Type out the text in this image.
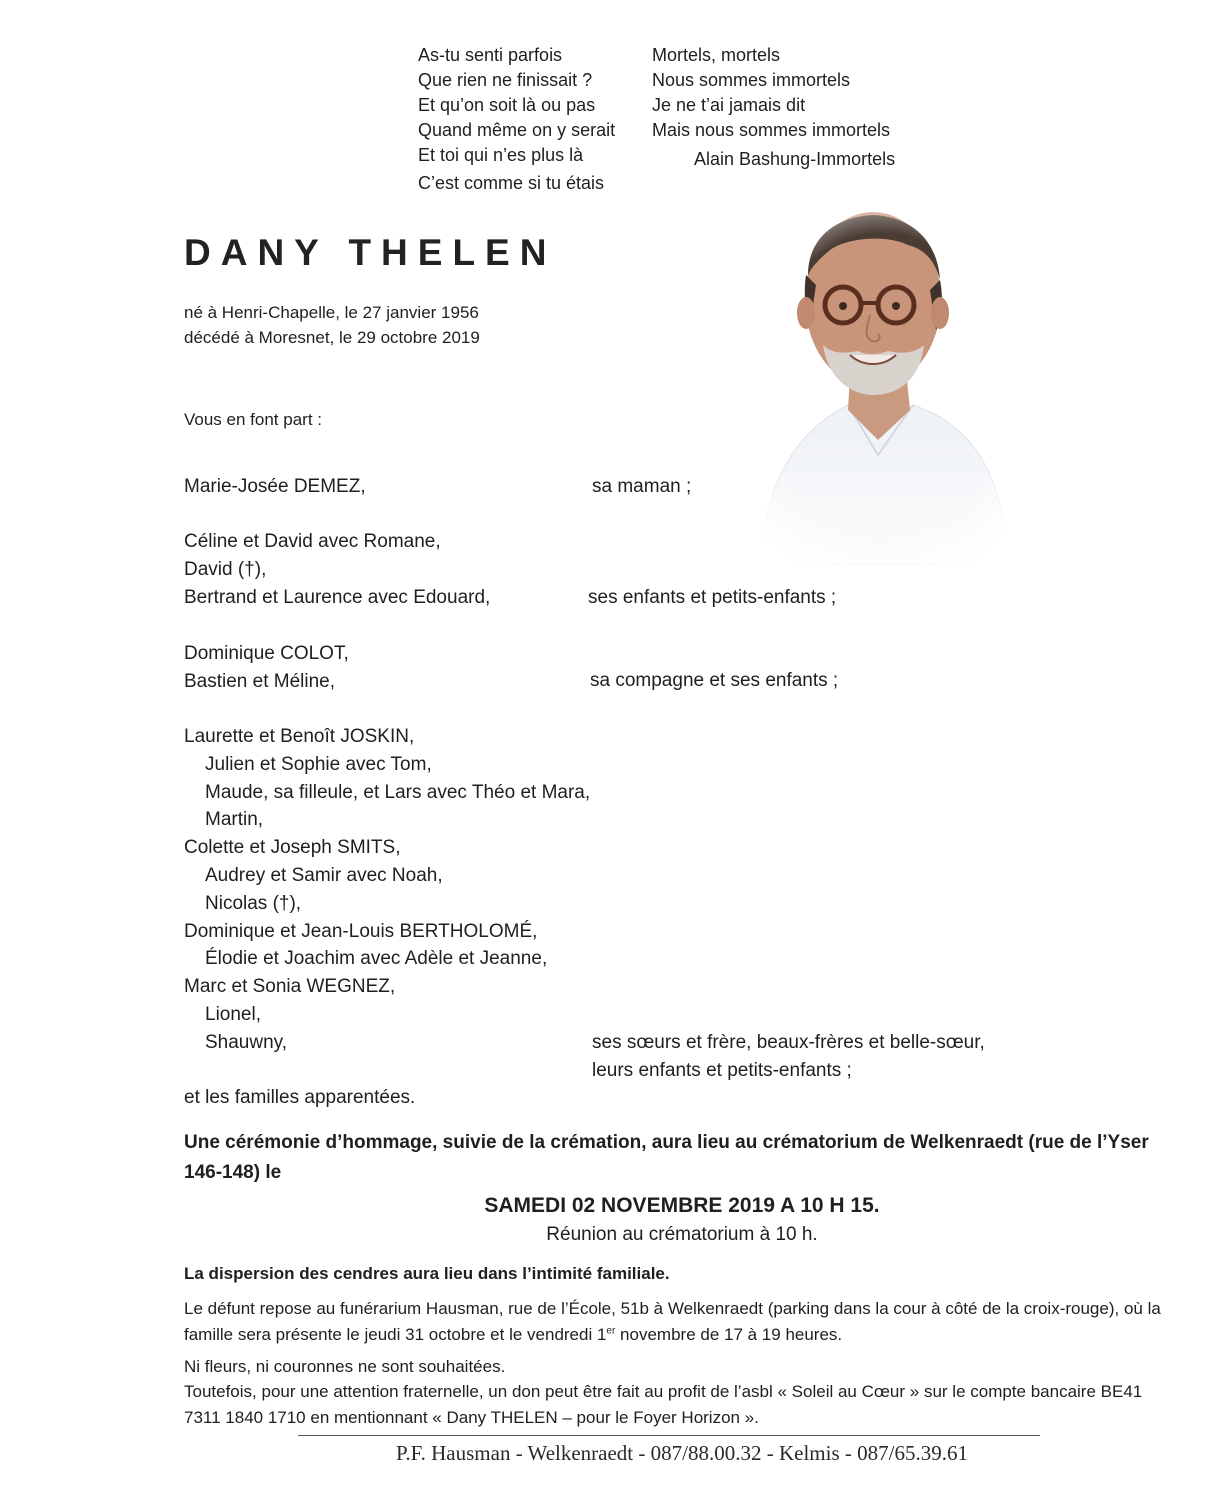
As-tu senti parfois
Que rien ne finissait ?
Et qu’on soit là ou pas
Quand même on y serait
Et toi qui n’es plus là
C’est comme si tu étais
Mortels, mortels
Nous sommes immortels
Je ne t’ai jamais dit
Mais nous sommes immortels
Alain Bashung-Immortels
DANY THELEN
né à Henri-Chapelle, le 27 janvier 1956
décédé à Moresnet, le 29 octobre 2019
Vous en font part :
Marie-Josée DEMEZ,	sa maman ;
Céline et David avec Romane,
David (†),
Bertrand et Laurence avec Edouard,	ses enfants et petits-enfants ;
Dominique COLOT,
Bastien et Méline,	sa compagne et ses enfants ;
Laurette et Benoît JOSKIN,
Julien et Sophie avec Tom,
Maude, sa filleule, et Lars avec Théo et Mara,
Martin,
Colette et Joseph SMITS,
Audrey et Samir avec Noah,
Nicolas (†),
Dominique et Jean-Louis BERTHOLOMÉ,
Élodie et Joachim avec Adèle et Jeanne,
Marc et Sonia WEGNEZ,
Lionel,
Shauwny,	ses sœurs et frère, beaux-frères et belle-sœur,
leurs enfants et petits-enfants ;
et les familles apparentées.
Une cérémonie d’hommage, suivie de la crémation, aura lieu au crématorium de Welkenraedt (rue de l’Yser 146-148) le
SAMEDI 02 NOVEMBRE 2019 A 10 H 15.
Réunion au crématorium à 10 h.
La dispersion des cendres aura lieu dans l’intimité familiale.
Le défunt repose au funérarium Hausman, rue de l’École, 51b à Welkenraedt (parking dans la cour à côté de la croix-rouge), où la famille sera présente le jeudi 31 octobre et le vendredi 1er novembre de 17 à 19 heures.
Ni fleurs, ni couronnes ne sont souhaitées.
Toutefois, pour une attention fraternelle, un don peut être fait au profit de l’asbl « Soleil au Cœur » sur le compte bancaire BE41 7311 1840 1710 en mentionnant « Dany THELEN – pour le Foyer Horizon ».
P.F. Hausman - Welkenraedt - 087/88.00.32 - Kelmis - 087/65.39.61
